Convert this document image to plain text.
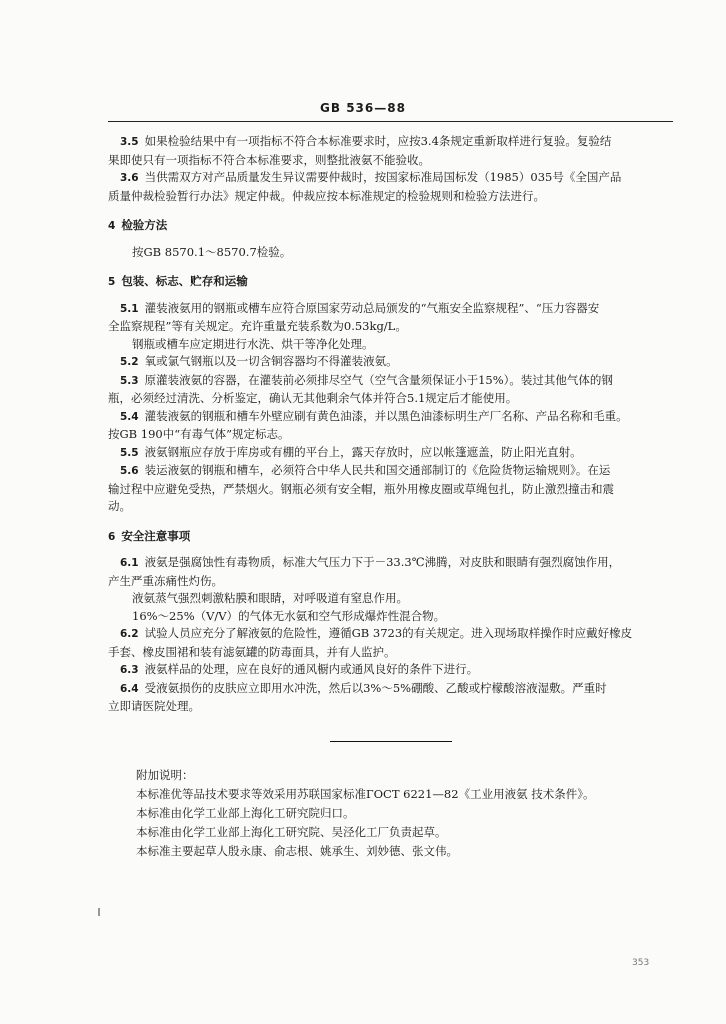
GB 536—88

3.5 如果检验结果中有一项指标不符合本标准要求时，应按3.4条规定重新取样进行复验。复验结

果即使只有一项指标不符合本标准要求，则整批液氨不能验收。

3.6 当供需双方对产品质量发生异议需要仲裁时，按国家标准局国标发（1985）035号《全国产品

质量仲裁检验暂行办法》规定仲裁。仲裁应按本标准规定的检验规则和检验方法进行。

4 检验方法

按GB 8570.1～8570.7检验。

5 包装、标志、贮存和运输

5.1 灌装液氨用的钢瓶或槽车应符合原国家劳动总局颁发的“气瓶安全监察规程”、“压力容器安

全监察规程”等有关规定。充许重量充装系数为0.53kg/L。

钢瓶或槽车应定期进行水洗、烘干等净化处理。

5.2 氧或氯气钢瓶以及一切含铜容器均不得灌装液氨。

5.3 原灌装液氨的容器，在灌装前必须排尽空气（空气含量须保证小于15%）。装过其他气体的钢

瓶，必须经过清洗、分析鉴定，确认无其他剩余气体并符合5.1规定后才能使用。

5.4 灌装液氨的钢瓶和槽车外壁应刷有黄色油漆，并以黑色油漆标明生产厂名称、产品名称和毛重。

按GB 190中“有毒气体”规定标志。

5.5 液氨钢瓶应存放于库房或有棚的平台上，露天存放时，应以帐篷遮盖，防止阳光直射。

5.6 装运液氨的钢瓶和槽车，必须符合中华人民共和国交通部制订的《危险货物运输规则》。在运

输过程中应避免受热，严禁烟火。钢瓶必须有安全帽，瓶外用橡皮圈或草绳包扎，防止激烈撞击和震

动。

6 安全注意事项

6.1 液氨是强腐蚀性有毒物质，标准大气压力下于－33.3℃沸腾，对皮肤和眼睛有强烈腐蚀作用，

产生严重冻痛性灼伤。

液氨蒸气强烈刺激粘膜和眼睛，对呼吸道有窒息作用。

16%～25%（V/V）的气体无水氨和空气形成爆炸性混合物。

6.2 试验人员应充分了解液氨的危险性，遵循GB 3723的有关规定。进入现场取样操作时应戴好橡皮

手套、橡皮围裙和装有滤氨罐的防毒面具，并有人监护。

6.3 液氨样品的处理，应在良好的通风橱内或通风良好的条件下进行。

6.4 受液氨损伤的皮肤应立即用水冲洗，然后以3%～5%硼酸、乙酸或柠檬酸溶液湿敷。严重时

立即请医院处理。

附加说明：

本标准优等品技术要求等效采用苏联国家标准ГОСТ 6221—82《工业用液氨 技术条件》。

本标准由化学工业部上海化工研究院归口。

本标准由化学工业部上海化工研究院、吴泾化工厂负责起草。

本标准主要起草人殷永康、俞志根、姚承生、刘妙德、张文伟。

353
